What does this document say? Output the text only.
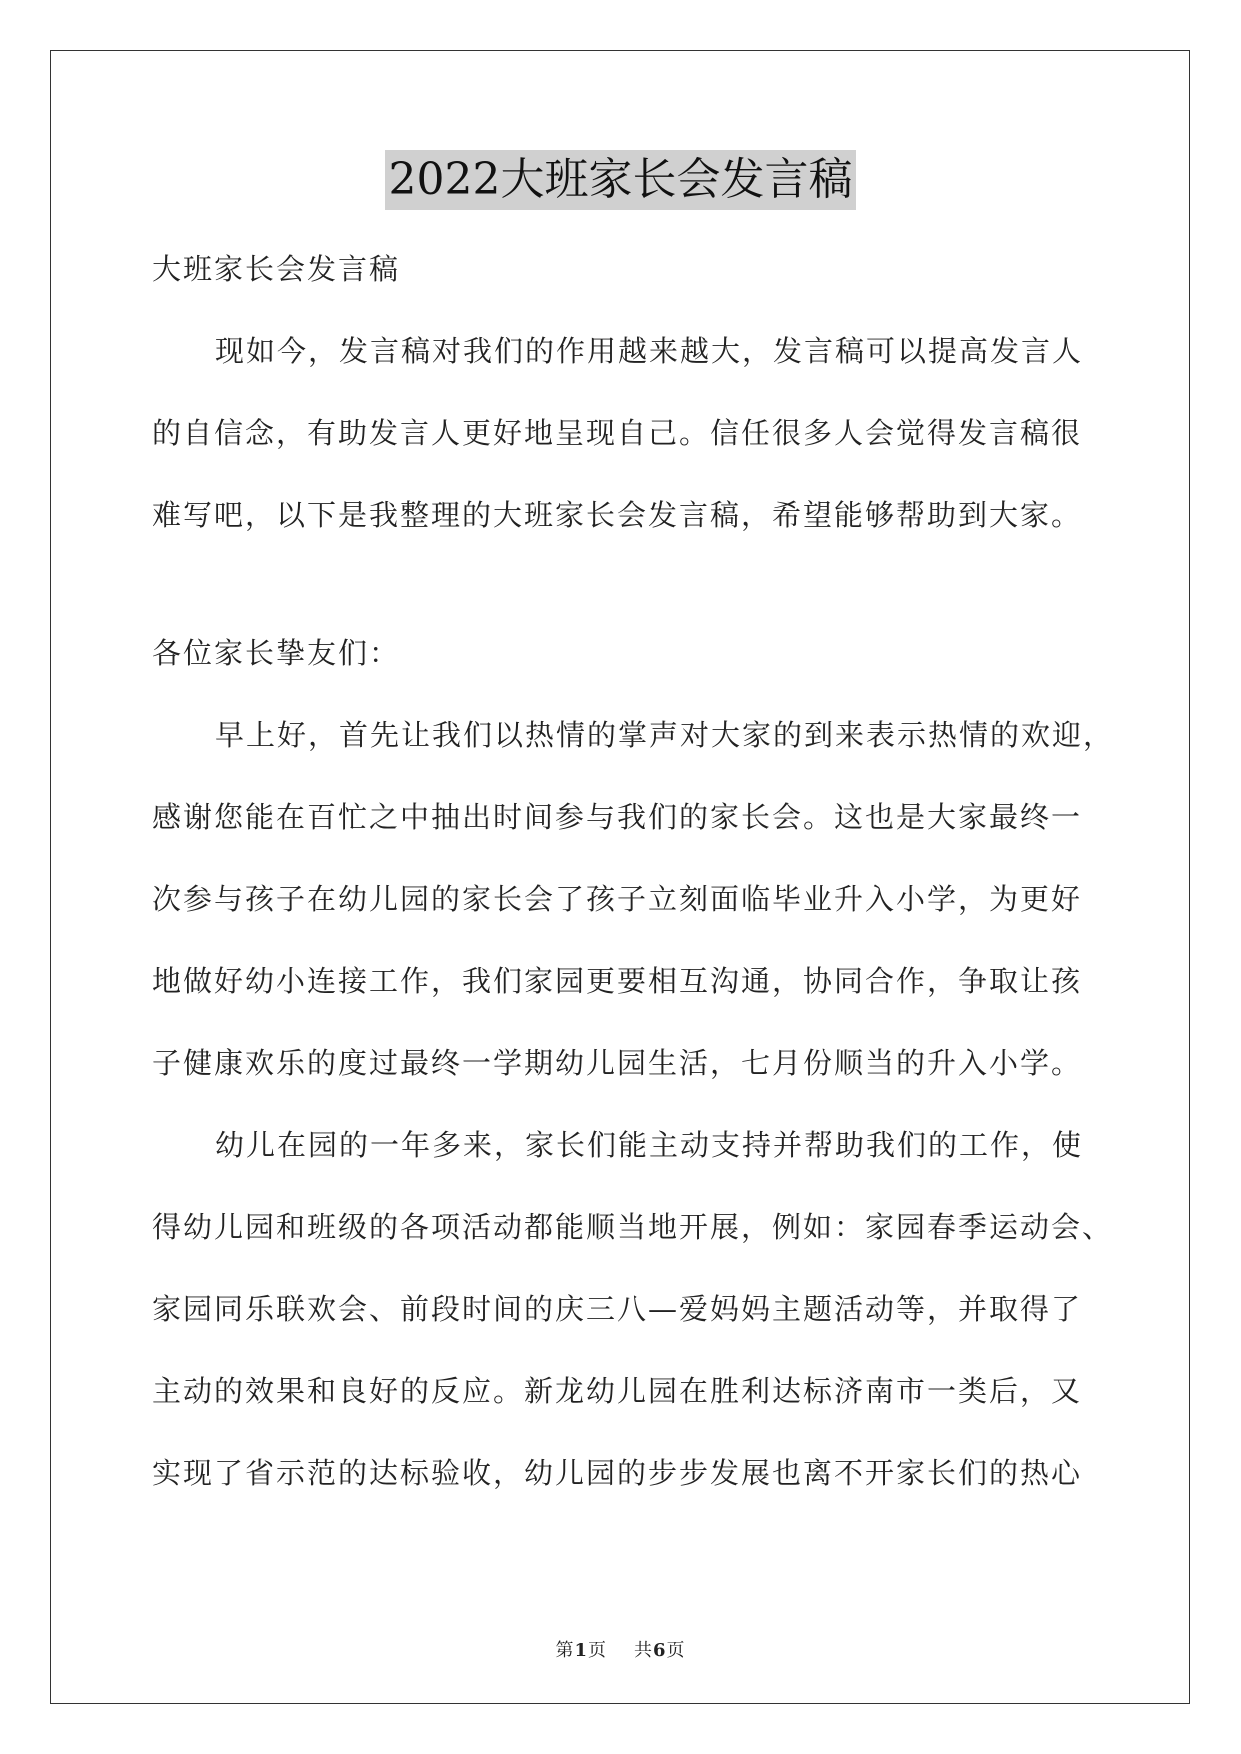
2022大班家长会发言稿
大班家长会发言稿
现如今，发言稿对我们的作用越来越大，发言稿可以提高发言人
的自信念，有助发言人更好地呈现自己。信任很多人会觉得发言稿很
难写吧，以下是我整理的大班家长会发言稿，希望能够帮助到大家。
各位家长挚友们：
早上好，首先让我们以热情的掌声对大家的到来表示热情的欢迎，
感谢您能在百忙之中抽出时间参与我们的家长会。这也是大家最终一
次参与孩子在幼儿园的家长会了孩子立刻面临毕业升入小学，为更好
地做好幼小连接工作，我们家园更要相互沟通，协同合作，争取让孩
子健康欢乐的度过最终一学期幼儿园生活，七月份顺当的升入小学。
幼儿在园的一年多来，家长们能主动支持并帮助我们的工作，使
得幼儿园和班级的各项活动都能顺当地开展，例如：家园春季运动会、
家园同乐联欢会、前段时间的庆三八—爱妈妈主题活动等，并取得了
主动的效果和良好的反应。新龙幼儿园在胜利达标济南市一类后，又
实现了省示范的达标验收，幼儿园的步步发展也离不开家长们的热心
第1页 共6页
